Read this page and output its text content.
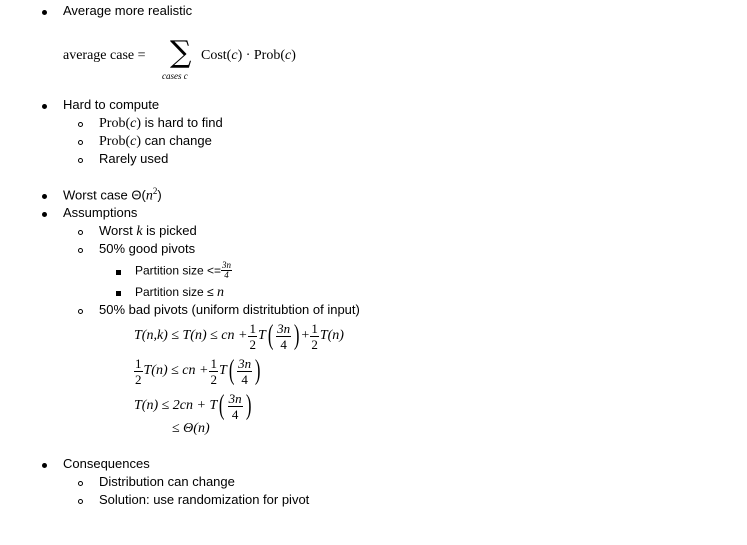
Average more realistic
average case = ∑
cases c
Cost(c) · Prob(c)
Hard to compute
Prob(c) is hard to find
Prob(c) can change
Rarely used
Worst case $\Theta(n^2)$
Assumptions
Worst k is picked
50% good pivots
Partition size <= $\frac{3n}{4}$
Partition size ≤ n
50% bad pivots (uniform distritubtion of input)
T(n,k) ≤ T(n) ≤ cn + $\frac{1}{2}$ T ( $\frac{3n}{4}$ ) + $\frac{1}{2} T(n)$
$\frac{1}{2} T(n)$ ≤ cn + $\frac{1}{2}$ T ( $\frac{3n}{4}$ )
T(n) ≤ 2cn + T ( $\frac{3n}{4}$ )
≤ Θ(n)
Consequences
Distribution can change
Solution: use randomization for pivot
